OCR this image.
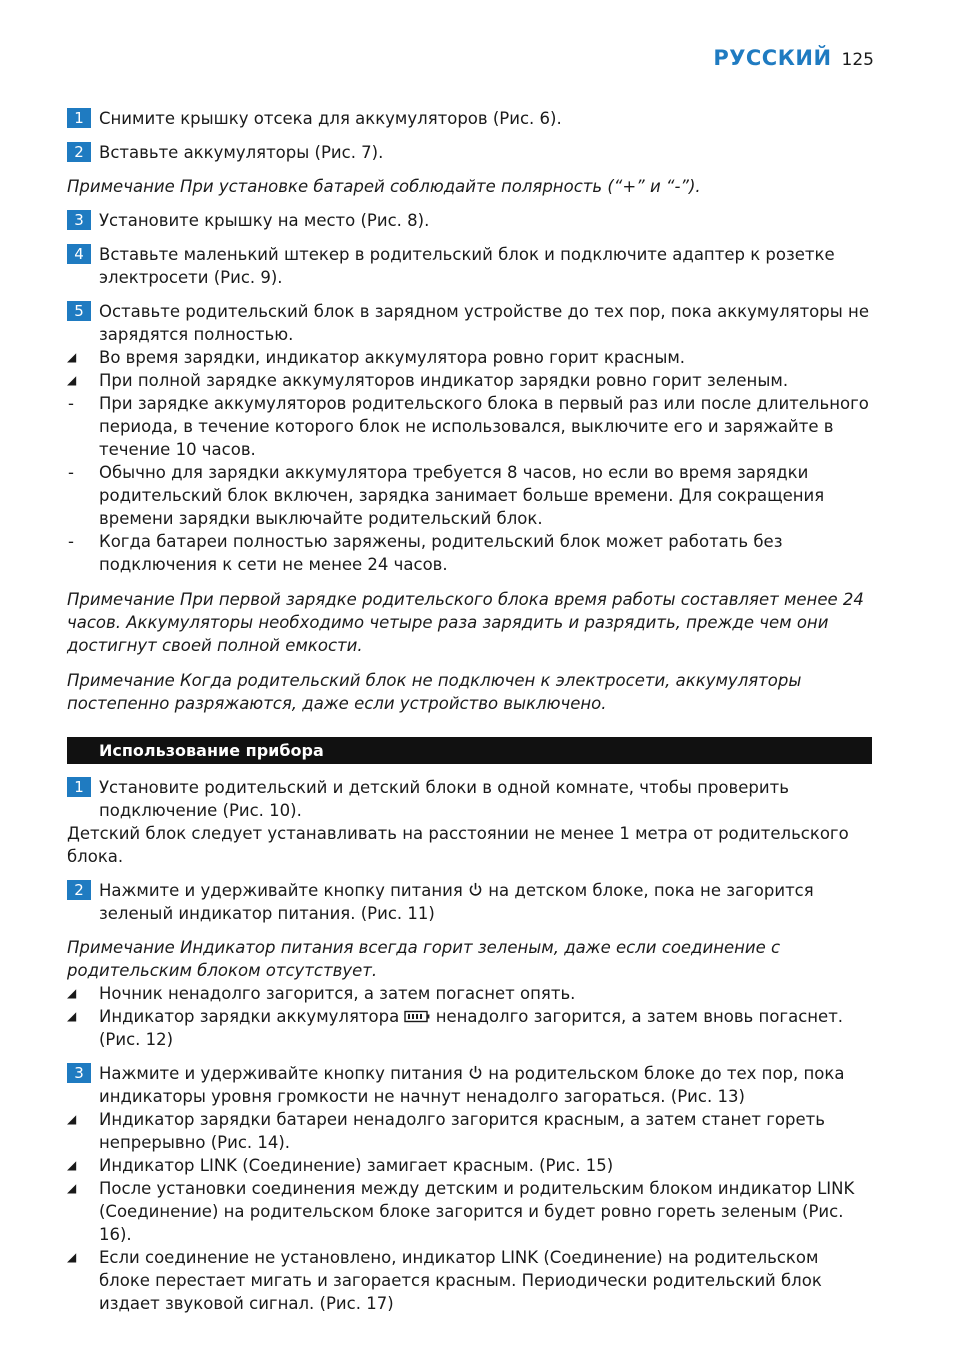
РУССКИЙ 125
1 Снимите крышку отсека для аккумуляторов (Рис. 6).
2 Вставьте аккумуляторы (Рис. 7).
Примечание При установке батарей соблюдайте полярность (“+” и “-”).
3 Установите крышку на место (Рис. 8).
4 Вставьте маленький штекер в родительский блок и подключите адаптер к розетке электросети (Рис. 9).
5 Оставьте родительский блок в зарядном устройстве до тех пор, пока аккумуляторы не зарядятся полностью.
◢	Во время зарядки, индикатор аккумулятора ровно горит красным.
◢	При полной зарядке аккумуляторов индикатор зарядки ровно горит зеленым.
-	При зарядке аккумуляторов родительского блока в первый раз или после длительного периода, в течение которого блок не использовался, выключите его и заряжайте в течение 10 часов.
-	Обычно для зарядки аккумулятора требуется 8 часов, но если во время зарядки родительский блок включен, зарядка занимает больше времени. Для сокращения времени зарядки выключайте родительский блок.
-	Когда батареи полностью заряжены, родительский блок может работать без подключения к сети не менее 24 часов.
Примечание При первой зарядке родительского блока время работы составляет менее 24 часов. Аккумуляторы необходимо четыре раза зарядить и разрядить, прежде чем они достигнут своей полной емкости.
Примечание Когда родительский блок не подключен к электросети, аккумуляторы постепенно разряжаются, даже если устройство выключено.
Использование прибора
1 Установите родительский и детский блоки в одной комнате, чтобы проверить подключение (Рис. 10).
Детский блок следует устанавливать на расстоянии не менее 1 метра от родительского блока.
2 Нажмите и удерживайте кнопку питания на детском блоке, пока не загорится зеленый индикатор питания. (Рис. 11)
Примечание Индикатор питания всегда горит зеленым, даже если соединение с родительским блоком отсутствует.
◢	Ночник ненадолго загорится, а затем погаснет опять.
◢	Индикатор зарядки аккумулятора ненадолго загорится, а затем вновь погаснет. (Рис. 12)
3 Нажмите и удерживайте кнопку питания на родительском блоке до тех пор, пока индикаторы уровня громкости не начнут ненадолго загораться. (Рис. 13)
◢	Индикатор зарядки батареи ненадолго загорится красным, а затем станет гореть непрерывно (Рис. 14).
◢	Индикатор LINK (Соединение) замигает красным. (Рис. 15)
◢	После установки соединения между детским и родительским блоком индикатор LINK (Соединение) на родительском блоке загорится и будет ровно гореть зеленым (Рис. 16).
◢	Если соединение не установлено, индикатор LINK (Соединение) на родительском блоке перестает мигать и загорается красным. Периодически родительский блок издает звуковой сигнал. (Рис. 17)
